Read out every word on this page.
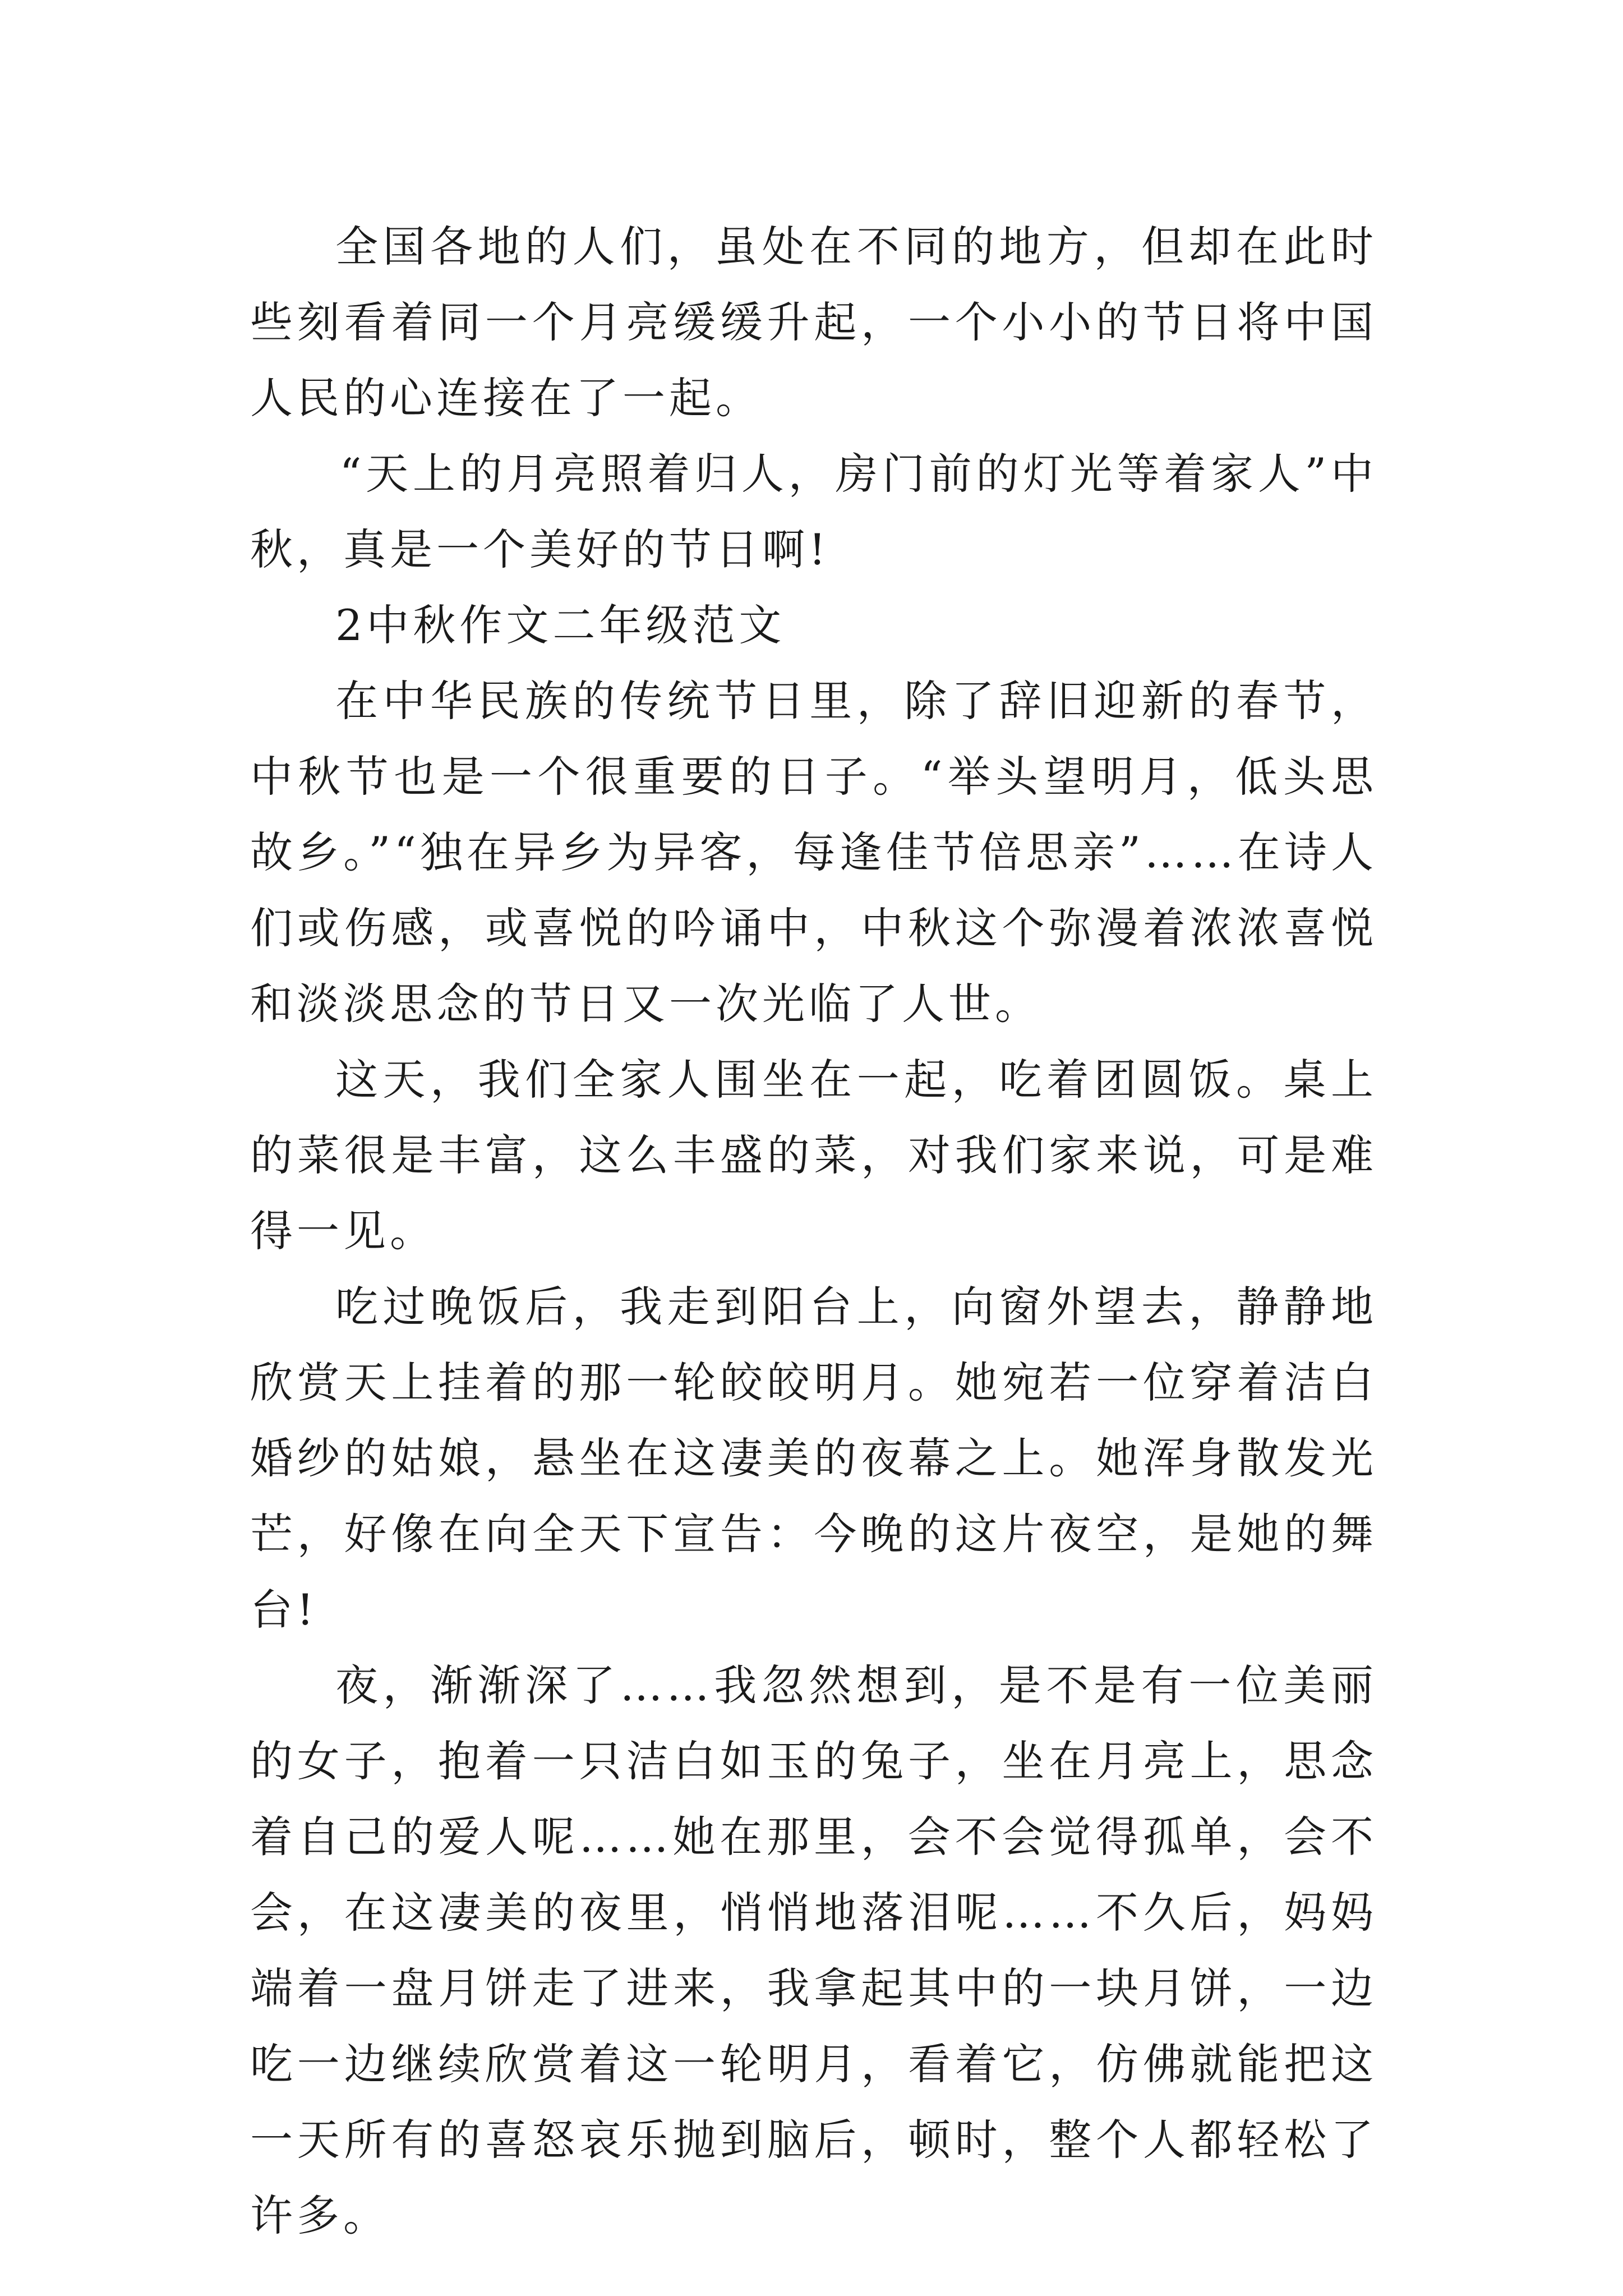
全国各地的人们，虽处在不同的地方，但却在此时些刻看着同一个月亮缓缓升起，一个小小的节日将中国人民的心连接在了一起。

“天上的月亮照着归人，房门前的灯光等着家人”中秋，真是一个美好的节日啊!

2中秋作文二年级范文

在中华民族的传统节日里，除了辞旧迎新的春节，中秋节也是一个很重要的日子。“举头望明月，低头思故乡。”“独在异乡为异客，每逢佳节倍思亲”……在诗人们或伤感，或喜悦的吟诵中，中秋这个弥漫着浓浓喜悦和淡淡思念的节日又一次光临了人世。

这天，我们全家人围坐在一起，吃着团圆饭。桌上的菜很是丰富，这么丰盛的菜，对我们家来说，可是难得一见。

吃过晚饭后，我走到阳台上，向窗外望去，静静地欣赏天上挂着的那一轮皎皎明月。她宛若一位穿着洁白婚纱的姑娘，悬坐在这凄美的夜幕之上。她浑身散发光芒，好像在向全天下宣告：今晚的这片夜空，是她的舞台!

夜，渐渐深了……我忽然想到，是不是有一位美丽的女子，抱着一只洁白如玉的兔子，坐在月亮上，思念着自己的爱人呢……她在那里，会不会觉得孤单，会不会，在这凄美的夜里，悄悄地落泪呢……不久后，妈妈端着一盘月饼走了进来，我拿起其中的一块月饼，一边吃一边继续欣赏着这一轮明月，看着它，仿佛就能把这一天所有的喜怒哀乐抛到脑后，顿时，整个人都轻松了许多。
